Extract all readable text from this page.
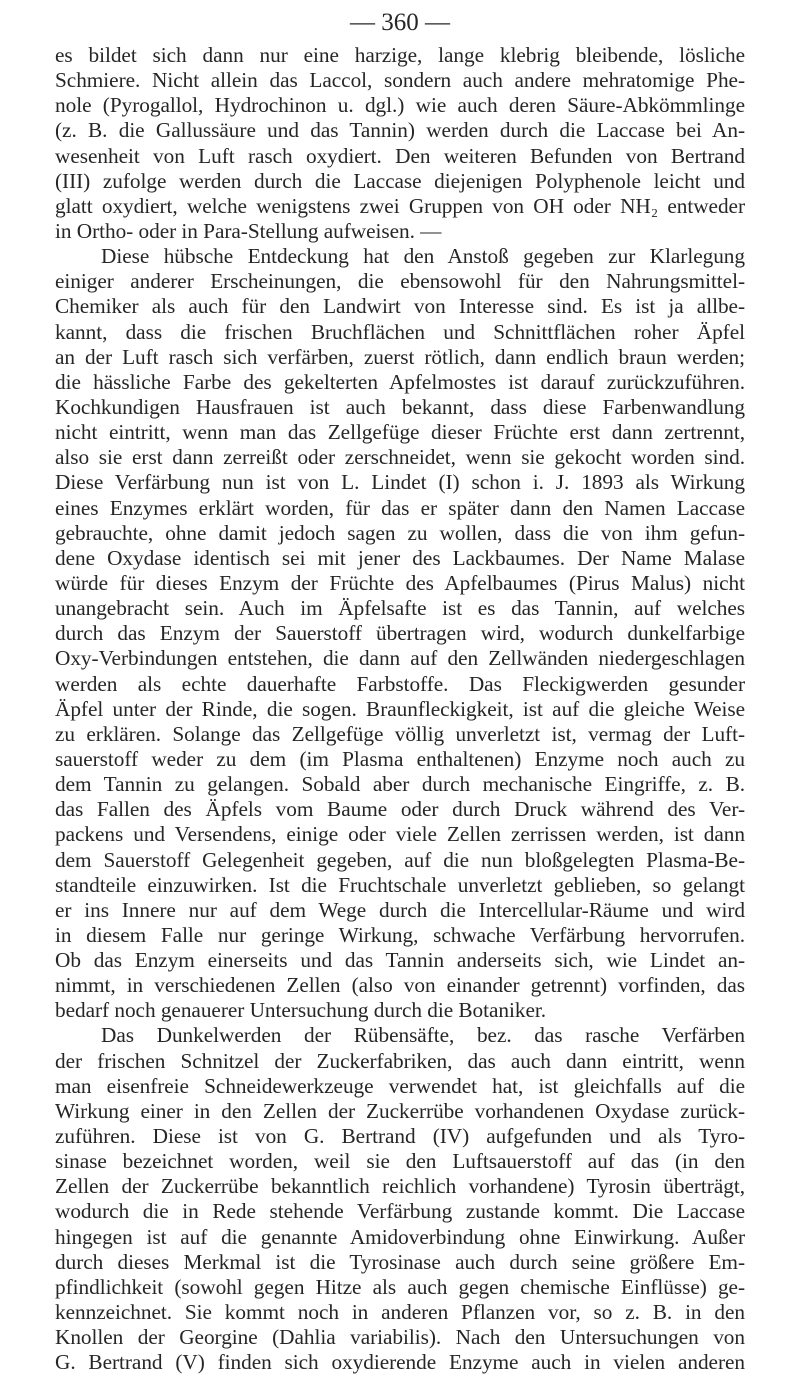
— 360 —
es bildet sich dann nur eine harzige, lange klebrig bleibende, lösliche
Schmiere. Nicht allein das Laccol, sondern auch andere mehratomige Phe-
nole (Pyrogallol, Hydrochinon u. dgl.) wie auch deren Säure-Abkömmlinge
(z. B. die Gallussäure und das Tannin) werden durch die Laccase bei An-
wesenheit von Luft rasch oxydiert. Den weiteren Befunden von Bertrand
(III) zufolge werden durch die Laccase diejenigen Polyphenole leicht und
glatt oxydiert, welche wenigstens zwei Gruppen von OH oder NH₂ entweder
in Ortho- oder in Para-Stellung aufweisen. —
Diese hübsche Entdeckung hat den Anstoß gegeben zur Klarlegung
einiger anderer Erscheinungen, die ebensowohl für den Nahrungsmittel-
Chemiker als auch für den Landwirt von Interesse sind. Es ist ja allbe-
kannt, dass die frischen Bruchflächen und Schnittflächen roher Äpfel
an der Luft rasch sich verfärben, zuerst rötlich, dann endlich braun werden;
die hässliche Farbe des gekelterten Apfelmostes ist darauf zurückzuführen.
Kochkundigen Hausfrauen ist auch bekannt, dass diese Farbenwandlung
nicht eintritt, wenn man das Zellgefüge dieser Früchte erst dann zertrennt,
also sie erst dann zerreißt oder zerschneidet, wenn sie gekocht worden sind.
Diese Verfärbung nun ist von L. Lindet (I) schon i. J. 1893 als Wirkung
eines Enzymes erklärt worden, für das er später dann den Namen Laccase
gebrauchte, ohne damit jedoch sagen zu wollen, dass die von ihm gefun-
dene Oxydase identisch sei mit jener des Lackbaumes. Der Name Malase
würde für dieses Enzym der Früchte des Apfelbaumes (Pirus Malus) nicht
unangebracht sein. Auch im Äpfelsafte ist es das Tannin, auf welches
durch das Enzym der Sauerstoff übertragen wird, wodurch dunkelfarbige
Oxy-Verbindungen entstehen, die dann auf den Zellwänden niedergeschlagen
werden als echte dauerhafte Farbstoffe. Das Fleckigwerden gesunder
Äpfel unter der Rinde, die sogen. Braunfleckigkeit, ist auf die gleiche Weise
zu erklären. Solange das Zellgefüge völlig unverletzt ist, vermag der Luft-
sauerstoff weder zu dem (im Plasma enthaltenen) Enzyme noch auch zu
dem Tannin zu gelangen. Sobald aber durch mechanische Eingriffe, z. B.
das Fallen des Äpfels vom Baume oder durch Druck während des Ver-
packens und Versendens, einige oder viele Zellen zerrissen werden, ist dann
dem Sauerstoff Gelegenheit gegeben, auf die nun bloßgelegten Plasma-Be-
standteile einzuwirken. Ist die Fruchtschale unverletzt geblieben, so gelangt
er ins Innere nur auf dem Wege durch die Intercellular-Räume und wird
in diesem Falle nur geringe Wirkung, schwache Verfärbung hervorrufen.
Ob das Enzym einerseits und das Tannin anderseits sich, wie Lindet an-
nimmt, in verschiedenen Zellen (also von einander getrennt) vorfinden, das
bedarf noch genauerer Untersuchung durch die Botaniker.
Das Dunkelwerden der Rübensäfte, bez. das rasche Verfärben
der frischen Schnitzel der Zuckerfabriken, das auch dann eintritt, wenn
man eisenfreie Schneidewerkzeuge verwendet hat, ist gleichfalls auf die
Wirkung einer in den Zellen der Zuckerrübe vorhandenen Oxydase zurück-
zuführen. Diese ist von G. Bertrand (IV) aufgefunden und als Tyro-
sinase bezeichnet worden, weil sie den Luftsauerstoff auf das (in den
Zellen der Zuckerrübe bekanntlich reichlich vorhandene) Tyrosin überträgt,
wodurch die in Rede stehende Verfärbung zustande kommt. Die Laccase
hingegen ist auf die genannte Amidoverbindung ohne Einwirkung. Außer
durch dieses Merkmal ist die Tyrosinase auch durch seine größere Em-
pfindlichkeit (sowohl gegen Hitze als auch gegen chemische Einflüsse) ge-
kennzeichnet. Sie kommt noch in anderen Pflanzen vor, so z. B. in den
Knollen der Georgine (Dahlia variabilis). Nach den Untersuchungen von
G. Bertrand (V) finden sich oxydierende Enzyme auch in vielen anderen
